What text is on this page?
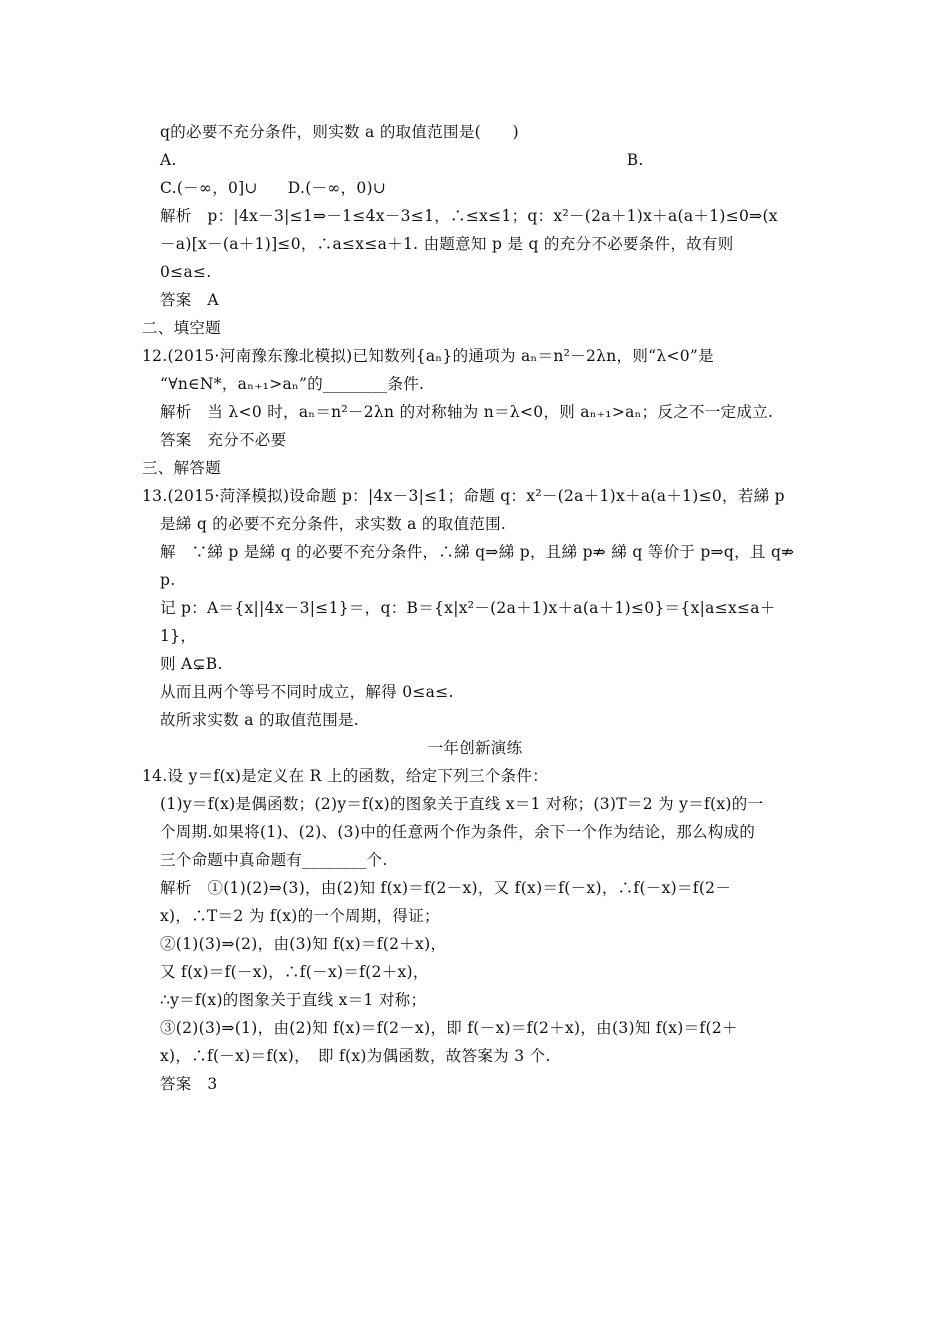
q的必要不充分条件，则实数 a 的取值范围是(　　)
A.	B.
C.(－∞，0]∪ D.(－∞，0)∪
解析　p：|4x－3|≤1⇒－1≤4x－3≤1，∴≤x≤1；q：x²－(2a＋1)x＋a(a＋1)≤0⇒(x
－a)[x－(a＋1)]≤0，∴a≤x≤a＋1. 由题意知 p 是 q 的充分不必要条件，故有则
0≤a≤.
答案　A
二、填空题
12.(2015·河南豫东豫北模拟)已知数列{aₙ}的通项为 aₙ＝n²－2λn，则“λ<0”是
“∀n∈N*，aₙ₊₁>aₙ”的________条件.
解析　当 λ<0 时，aₙ＝n²－2λn 的对称轴为 n＝λ<0，则 aₙ₊₁>aₙ；反之不一定成立.
答案　充分不必要
三、解答题
13.(2015·菏泽模拟)设命题 p：|4x－3|≤1；命题 q：x²－(2a＋1)x＋a(a＋1)≤0，若綈 p
是綈 q 的必要不充分条件，求实数 a 的取值范围.
解　∵綈 p 是綈 q 的必要不充分条件，∴綈 q⇒綈 p，且綈 p⇏ 綈 q 等价于 p⇒q，且 q⇏
p.
记 p：A＝{x||4x－3|≤1}＝，q：B＝{x|x²－(2a＋1)x＋a(a＋1)≤0}＝{x|a≤x≤a＋
1}，
则 A⊊B.
从而且两个等号不同时成立，解得 0≤a≤.
故所求实数 a 的取值范围是.
一年创新演练
14.设 y＝f(x)是定义在 R 上的函数，给定下列三个条件：
(1)y＝f(x)是偶函数；(2)y＝f(x)的图象关于直线 x＝1 对称；(3)T＝2 为 y＝f(x)的一
个周期.如果将(1)、(2)、(3)中的任意两个作为条件，余下一个作为结论，那么构成的
三个命题中真命题有________个.
解析　①(1)(2)⇒(3)，由(2)知 f(x)＝f(2－x)，又 f(x)＝f(－x)，∴f(－x)＝f(2－
x)，∴T＝2 为 f(x)的一个周期，得证；
②(1)(3)⇒(2)，由(3)知 f(x)＝f(2＋x)，
又 f(x)＝f(－x)，∴f(－x)＝f(2＋x)，
∴y＝f(x)的图象关于直线 x＝1 对称；
③(2)(3)⇒(1)，由(2)知 f(x)＝f(2－x)，即 f(－x)＝f(2＋x)，由(3)知 f(x)＝f(2＋
x)，∴f(－x)＝f(x)，　即 f(x)为偶函数，故答案为 3 个.
答案　3
